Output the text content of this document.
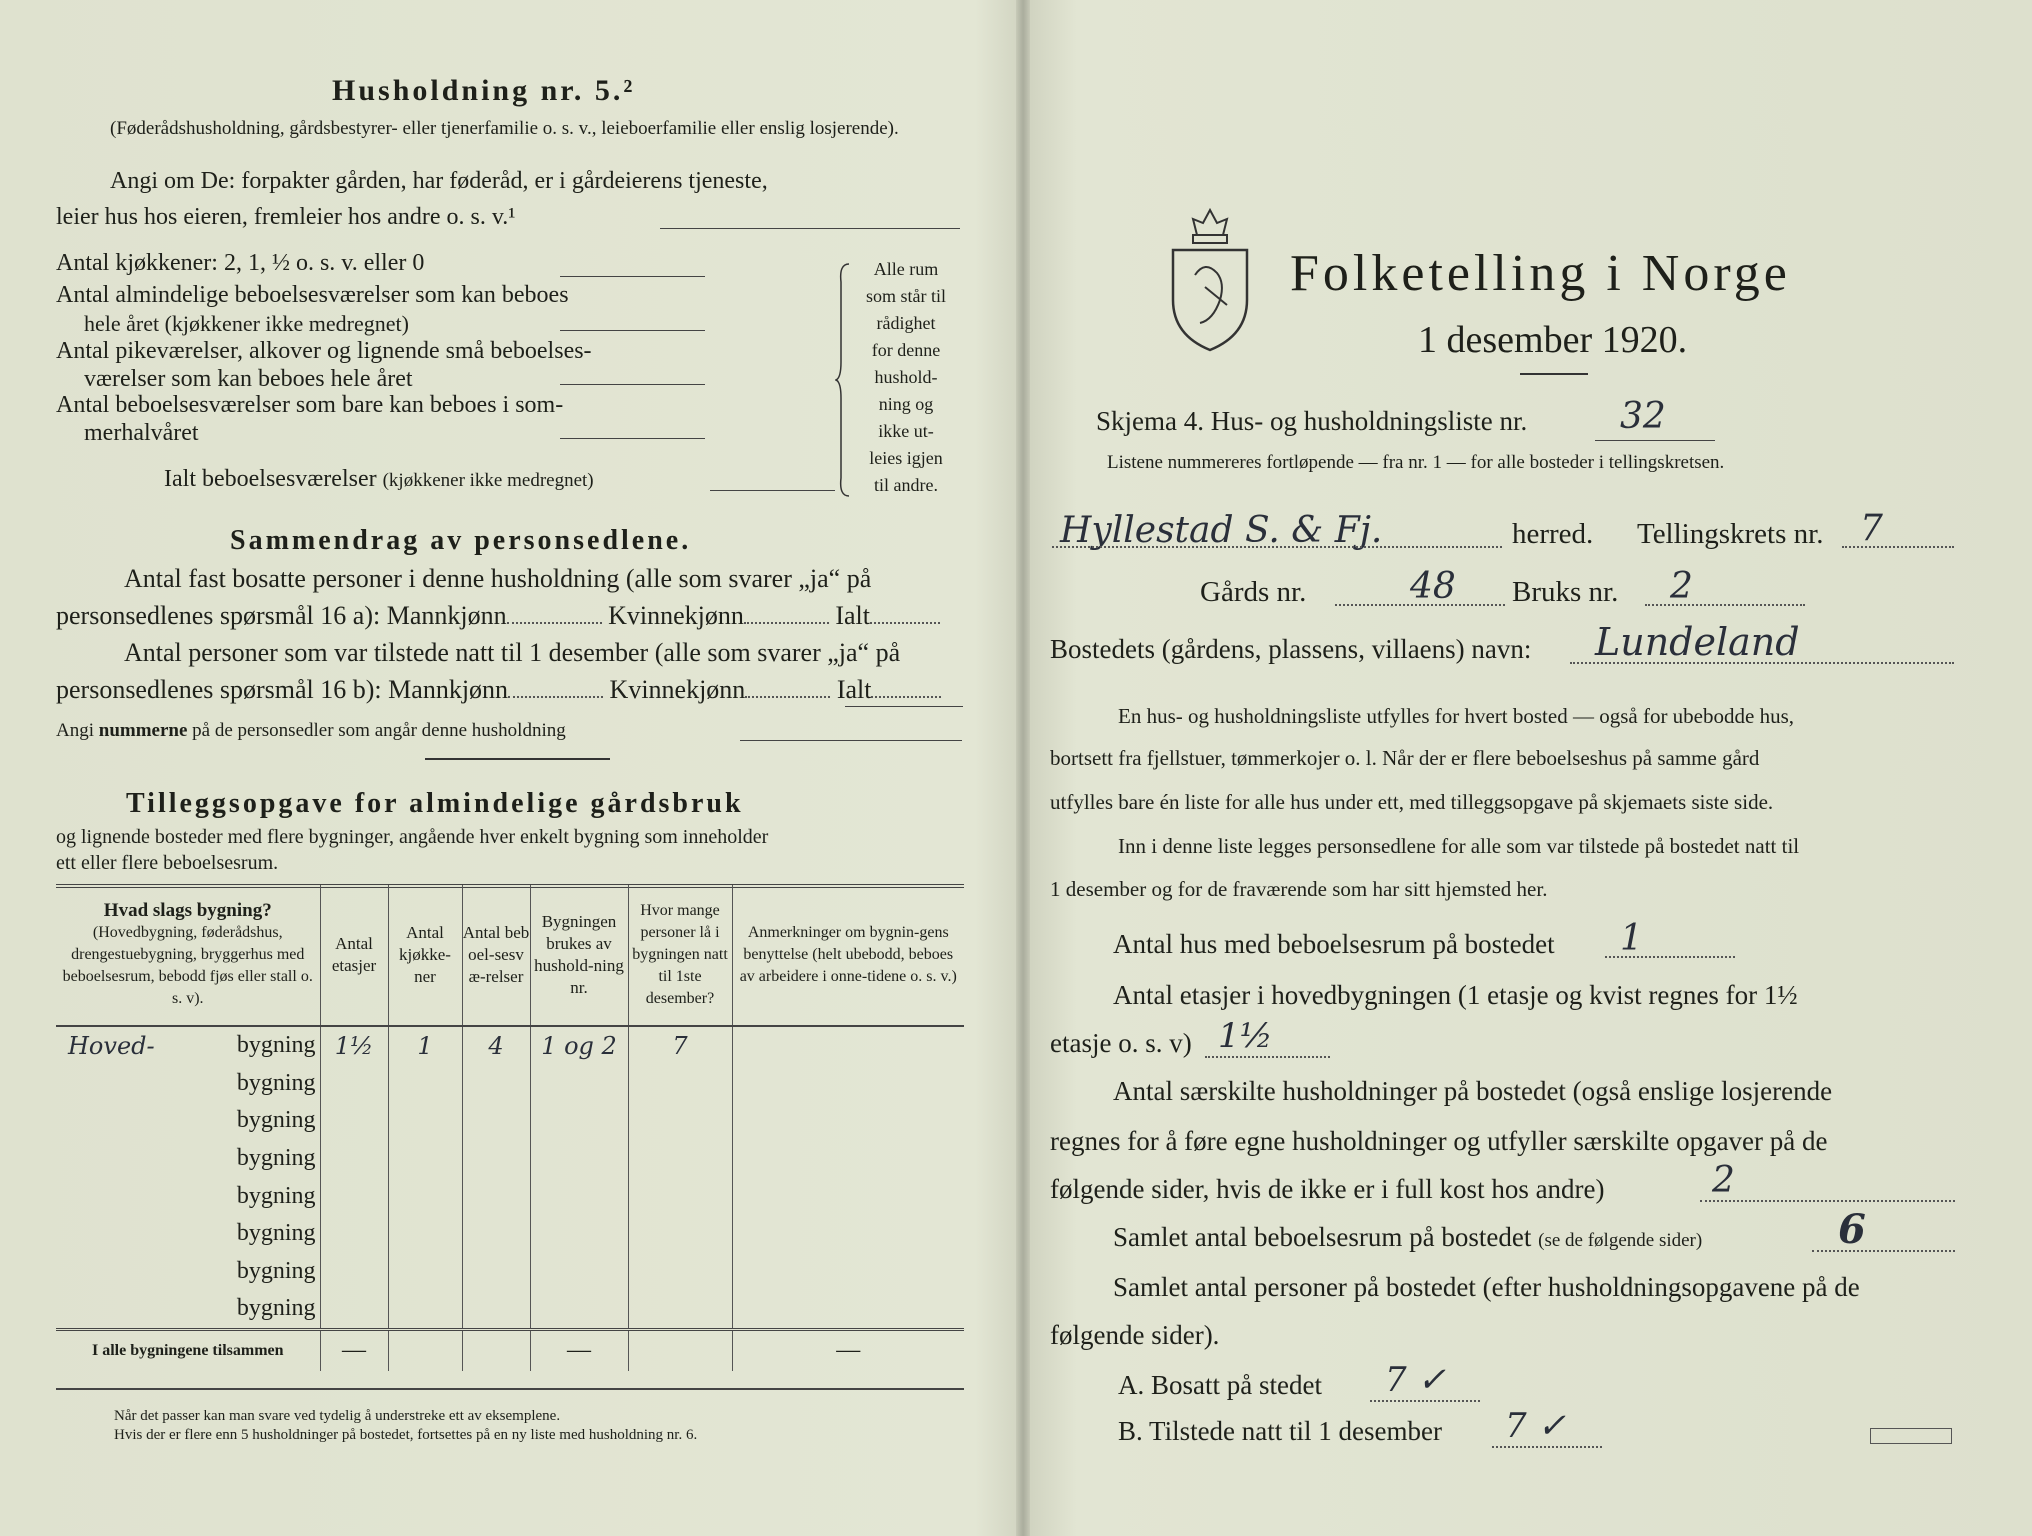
Husholdning nr. 5.²
(Føderådshusholdning, gårdsbestyrer- eller tjenerfamilie o. s. v., leieboerfamilie eller enslig losjerende).
Angi om De: forpakter gården, har føderåd, er i gårdeierens tjeneste,
leier hus hos eieren, fremleier hos andre o. s. v.¹
Antal kjøkkener: 2, 1, ½ o. s. v. eller 0
Antal almindelige beboelsesværelser som kan beboes
hele året (kjøkkener ikke medregnet)
Antal pikeværelser, alkover og lignende små beboelses-
værelser som kan beboes hele året
Antal beboelsesværelser som bare kan beboes i som-
merhalvåret
Ialt beboelsesværelser (kjøkkener ikke medregnet)
Alle rum
som står til
rådighet
for denne
hushold-
ning og
ikke ut-
leies igjen
til andre.
Sammendrag av personsedlene.
Antal fast bosatte personer i denne husholdning (alle som svarer „ja“ på
personsedlenes spørsmål 16 a): Mannkjønn	Kvinnekjønn	Ialt
Antal personer som var tilstede natt til 1 desember (alle som svarer „ja“ på
personsedlenes spørsmål 16 b): Mannkjønn	Kvinnekjønn	Ialt
Angi nummerne på de personsedler som angår denne husholdning
Tilleggsopgave for almindelige gårdsbruk
og lignende bosteder med flere bygninger, angående hver enkelt bygning som inneholder
ett eller flere beboelsesrum.
Hvad slags bygning?
(Hovedbygning, føderådshus, drengestuebygning, bryggerhus med beboelsesrum, bebodd fjøs eller stall o. s. v).	Antal etasjer	Antal kjøkke-ner	Antal beboel-sesvæ-relser	Bygningen brukes av hushold-ning nr.	Hvor mange personer lå i bygningen natt til 1ste desember?	Anmerkninger om bygnin-gens benyttelse (helt ubebodd, beboes av arbeidere i onne-tidene o. s. v.)

Hoved- bygning	1½	1	4	1 og 2	7	
bygning						
bygning						
bygning						
bygning						
bygning						
bygning						
bygning						
I alle bygningene tilsammen	—			—		—
Når det passer kan man svare ved tydelig å understreke ett av eksemplene.
Hvis der er flere enn 5 husholdninger på bostedet, fortsettes på en ny liste med husholdning nr. 6.
Folketelling i Norge
1 desember 1920.
Skjema 4. Hus- og husholdningsliste nr.	32
Listene nummereres fortløpende — fra nr. 1 — for alle bosteder i tellingskretsen.
Hyllestad S. & Fj.	herred. Tellingskrets nr. 7
Gårds nr.	48 Bruks nr. 2
Bostedets (gårdens, plassens, villaens) navn: Lundeland
En hus- og husholdningsliste utfylles for hvert bosted — også for ubebodde hus,
bortsett fra fjellstuer, tømmerkojer o. l. Når der er flere beboelseshus på samme gård
utfylles bare én liste for alle hus under ett, med tilleggsopgave på skjemaets siste side.
Inn i denne liste legges personsedlene for alle som var tilstede på bostedet natt til
1 desember og for de fraværende som har sitt hjemsted her.
Antal hus med beboelsesrum på bostedet 1
Antal etasjer i hovedbygningen (1 etasje og kvist regnes for 1½
etasje o. s. v) 1½
Antal særskilte husholdninger på bostedet (også enslige losjerende
regnes for å føre egne husholdninger og utfyller særskilte opgaver på de
følgende sider, hvis de ikke er i full kost hos andre)	2
Samlet antal beboelsesrum på bostedet (se de følgende sider)	6
Samlet antal personer på bostedet (efter husholdningsopgavene på de
følgende sider).
A. Bosatt på stedet 7 ✓
B. Tilstede natt til 1 desember 7 ✓
